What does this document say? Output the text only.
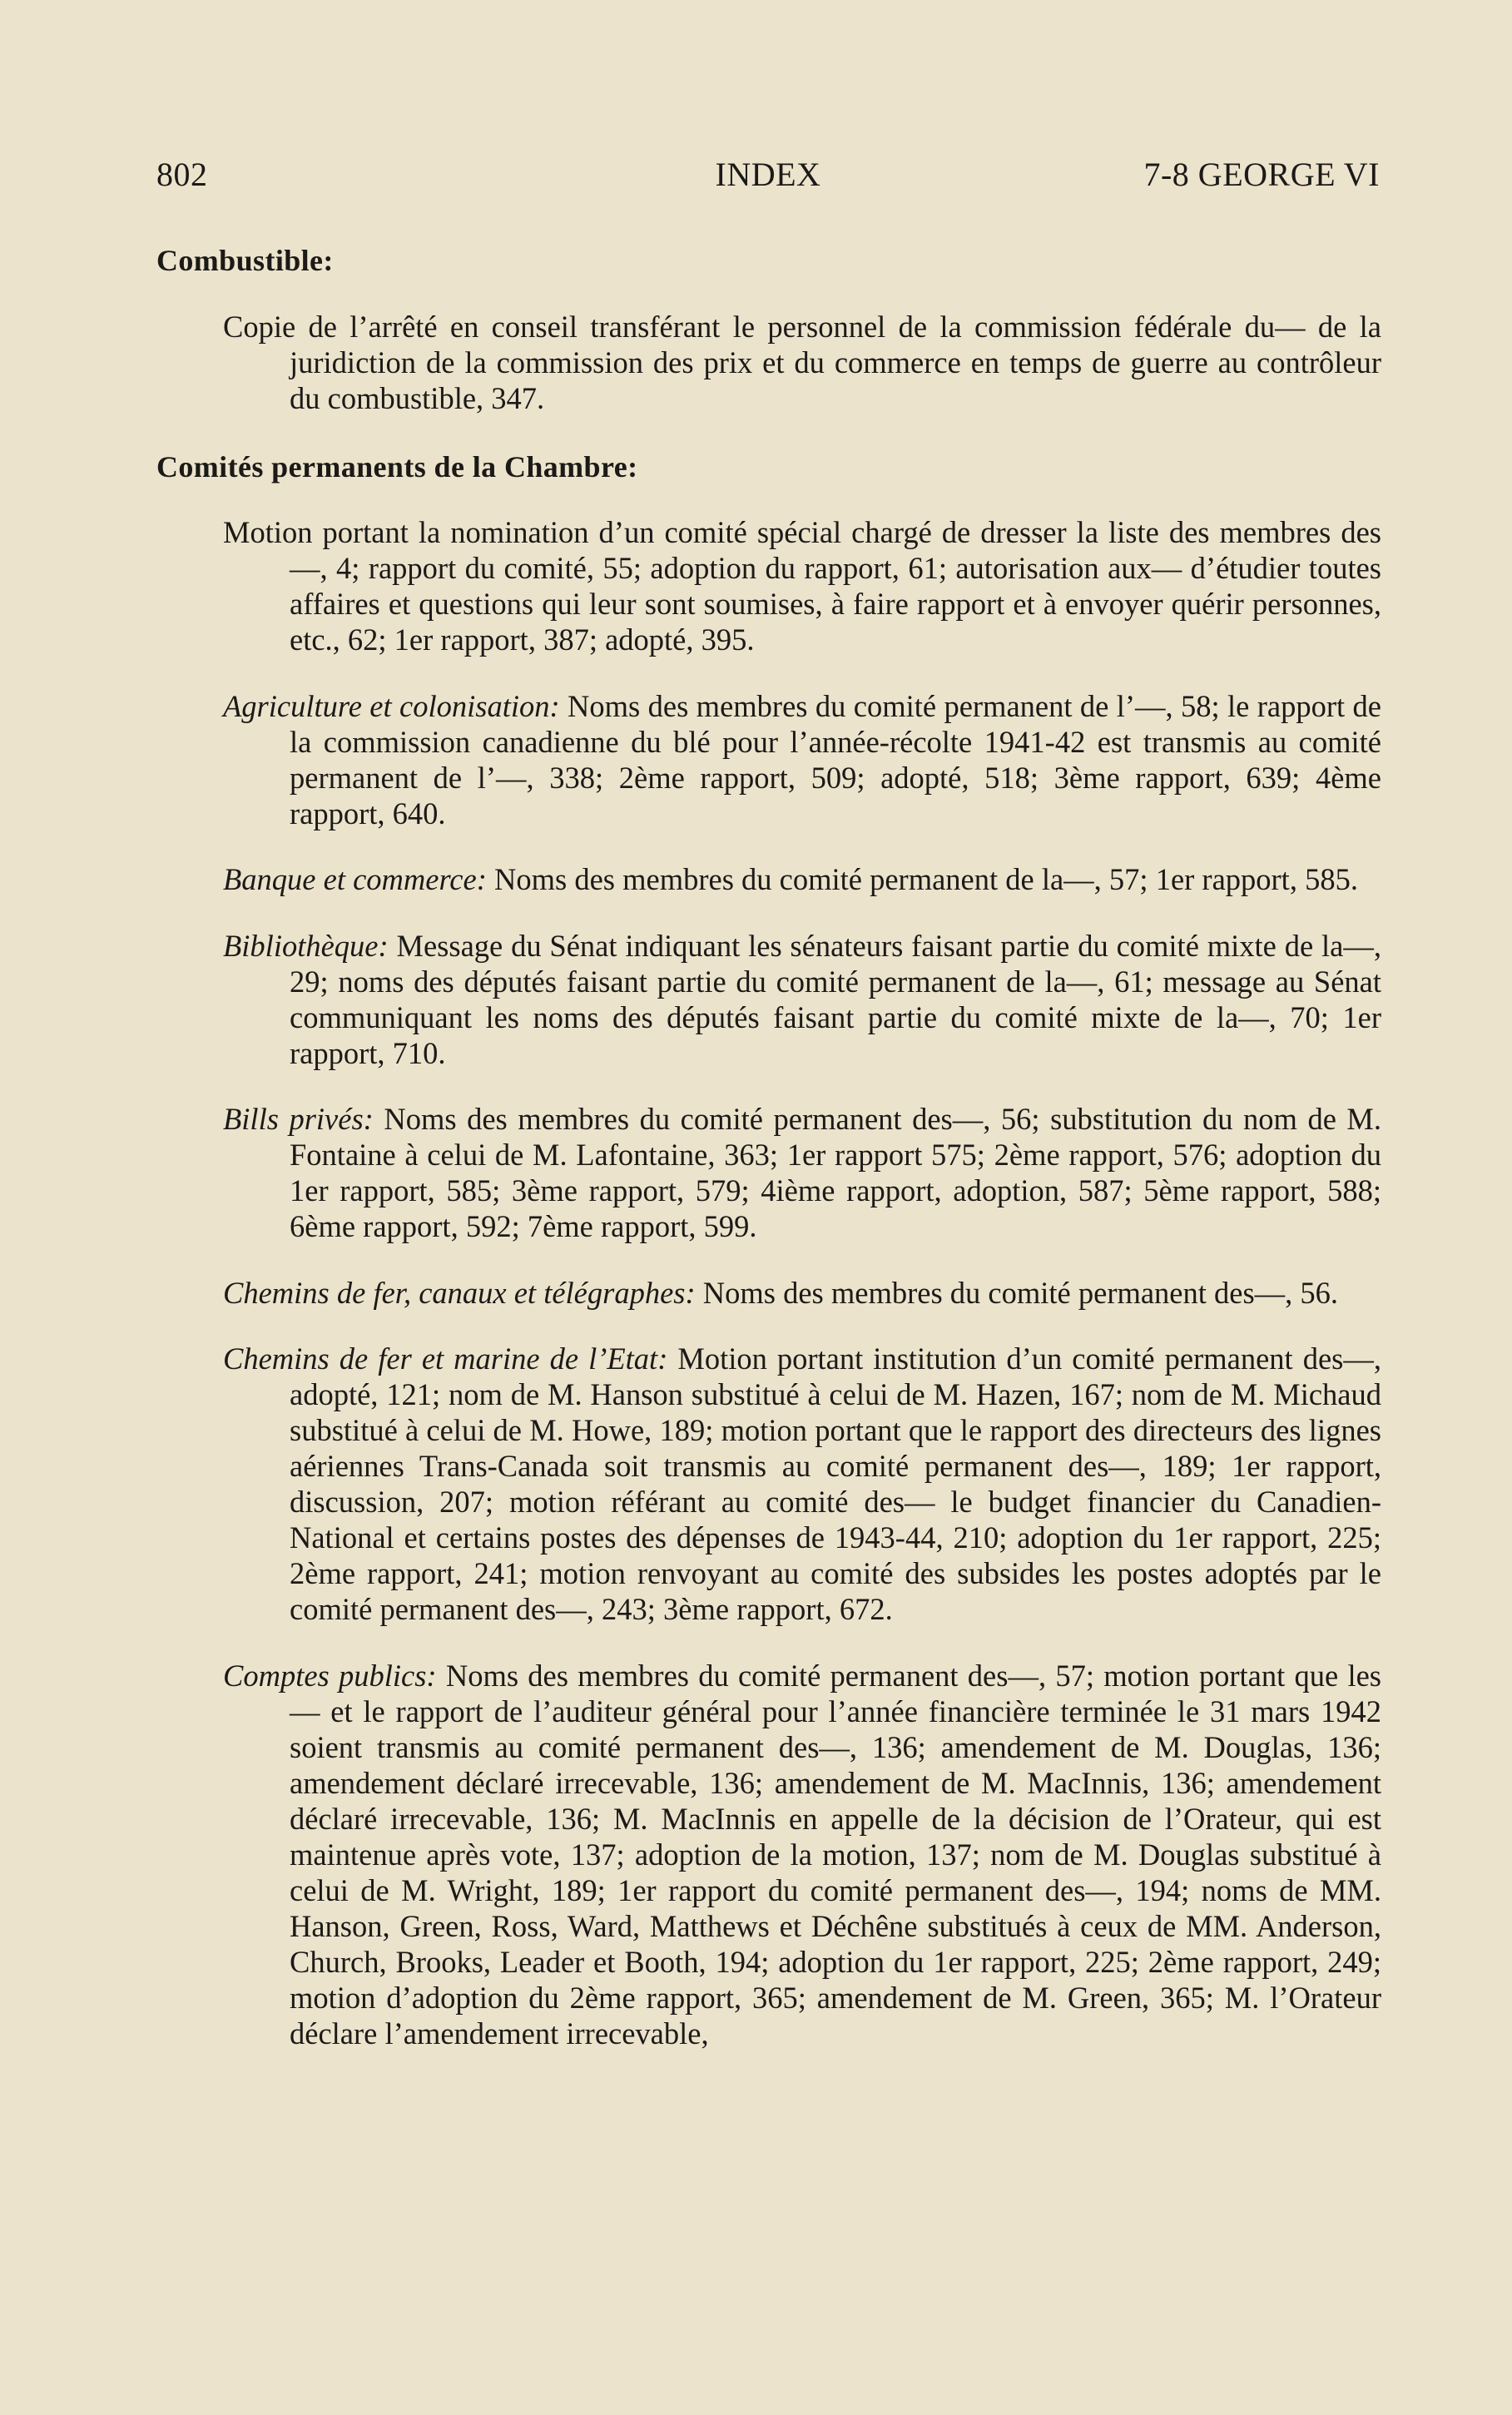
802	INDEX	7-8 GEORGE VI
Combustible:

Copie de l’arrêté en conseil transférant le personnel de la commission fédérale du— de la juridiction de la commission des prix et du commerce en temps de guerre au contrôleur du combustible, 347.

Comités permanents de la Chambre:

Motion portant la nomination d’un comité spécial chargé de dresser la liste des membres des—, 4; rapport du comité, 55; adoption du rapport, 61; autorisation aux— d’étudier toutes affaires et questions qui leur sont soumises, à faire rapport et à envoyer quérir personnes, etc., 62; 1er rapport, 387; adopté, 395.

Agriculture et colonisation: Noms des membres du comité permanent de l’—, 58; le rapport de la commission canadienne du blé pour l’année-récolte 1941-42 est transmis au comité permanent de l’—, 338; 2ème rapport, 509; adopté, 518; 3ème rapport, 639; 4ème rapport, 640.

Banque et commerce: Noms des membres du comité permanent de la—, 57; 1er rapport, 585.

Bibliothèque: Message du Sénat indiquant les sénateurs faisant partie du comité mixte de la—, 29; noms des députés faisant partie du comité permanent de la—, 61; message au Sénat communiquant les noms des députés faisant partie du comité mixte de la—, 70; 1er rapport, 710.

Bills privés: Noms des membres du comité permanent des—, 56; substitution du nom de M. Fontaine à celui de M. Lafontaine, 363; 1er rapport 575; 2ème rapport, 576; adoption du 1er rapport, 585; 3ème rapport, 579; 4ième rapport, adoption, 587; 5ème rapport, 588; 6ème rapport, 592; 7ème rapport, 599.

Chemins de fer, canaux et télégraphes: Noms des membres du comité permanent des—, 56.

Chemins de fer et marine de l’Etat: Motion portant institution d’un comité permanent des—, adopté, 121; nom de M. Hanson substitué à celui de M. Hazen, 167; nom de M. Michaud substitué à celui de M. Howe, 189; motion portant que le rapport des directeurs des lignes aériennes Trans-Canada soit transmis au comité permanent des—, 189; 1er rapport, discussion, 207; motion référant au comité des— le budget financier du Canadien-National et certains postes des dépenses de 1943-44, 210; adoption du 1er rapport, 225; 2ème rapport, 241; motion renvoyant au comité des subsides les postes adoptés par le comité permanent des—, 243; 3ème rapport, 672.

Comptes publics: Noms des membres du comité permanent des—, 57; motion portant que les— et le rapport de l’auditeur général pour l’année financière terminée le 31 mars 1942 soient transmis au comité permanent des—, 136; amendement de M. Douglas, 136; amendement déclaré irrecevable, 136; amendement de M. MacInnis, 136; amendement déclaré irrecevable, 136; M. MacInnis en appelle de la décision de l’Orateur, qui est maintenue après vote, 137; adoption de la motion, 137; nom de M. Douglas substitué à celui de M. Wright, 189; 1er rapport du comité permanent des—, 194; noms de MM. Hanson, Green, Ross, Ward, Matthews et Déchêne substitués à ceux de MM. Anderson, Church, Brooks, Leader et Booth, 194; adoption du 1er rapport, 225; 2ème rapport, 249; motion d’adoption du 2ème rapport, 365; amendement de M. Green, 365; M. l’Orateur déclare l’amendement irrecevable,
